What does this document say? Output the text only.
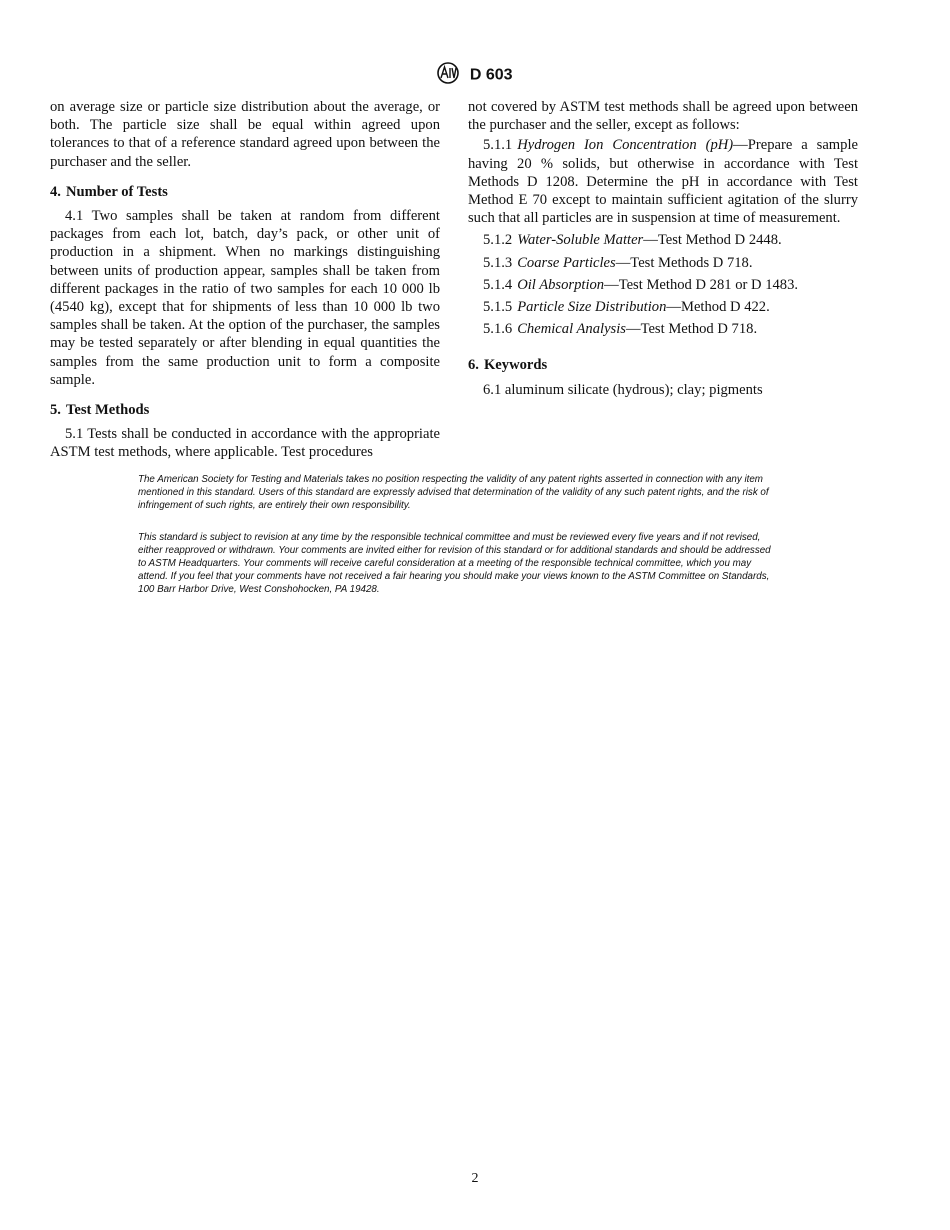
D 603

on average size or particle size distribution about the average, or both. The particle size shall be equal within agreed upon tolerances to that of a reference standard agreed upon between the purchaser and the seller.

4. Number of Tests

4.1 Two samples shall be taken at random from different packages from each lot, batch, day’s pack, or other unit of production in a shipment. When no markings distinguishing between units of production appear, samples shall be taken from different packages in the ratio of two samples for each 10 000 lb (4540 kg), except that for shipments of less than 10 000 lb two samples shall be taken. At the option of the purchaser, the samples may be tested separately or after blending in equal quantities the samples from the same production unit to form a composite sample.

5. Test Methods

5.1 Tests shall be conducted in accordance with the appropriate ASTM test methods, where applicable. Test procedures

not covered by ASTM test methods shall be agreed upon between the purchaser and the seller, except as follows:

5.1.1 Hydrogen Ion Concentration (pH)—Prepare a sample having 20 % solids, but otherwise in accordance with Test Methods D 1208. Determine the pH in accordance with Test Method E 70 except to maintain sufficient agitation of the slurry such that all particles are in suspension at time of measurement.

5.1.2 Water-Soluble Matter—Test Method D 2448.

5.1.3 Coarse Particles—Test Methods D 718.

5.1.4 Oil Absorption—Test Method D 281 or D 1483.

5.1.5 Particle Size Distribution—Method D 422.

5.1.6 Chemical Analysis—Test Method D 718.

6. Keywords

6.1 aluminum silicate (hydrous); clay; pigments

The American Society for Testing and Materials takes no position respecting the validity of any patent rights asserted in connection with any item mentioned in this standard. Users of this standard are expressly advised that determination of the validity of any such patent rights, and the risk of infringement of such rights, are entirely their own responsibility.

This standard is subject to revision at any time by the responsible technical committee and must be reviewed every five years and if not revised, either reapproved or withdrawn. Your comments are invited either for revision of this standard or for additional standards and should be addressed to ASTM Headquarters. Your comments will receive careful consideration at a meeting of the responsible technical committee, which you may attend. If you feel that your comments have not received a fair hearing you should make your views known to the ASTM Committee on Standards, 100 Barr Harbor Drive, West Conshohocken, PA 19428.

2
